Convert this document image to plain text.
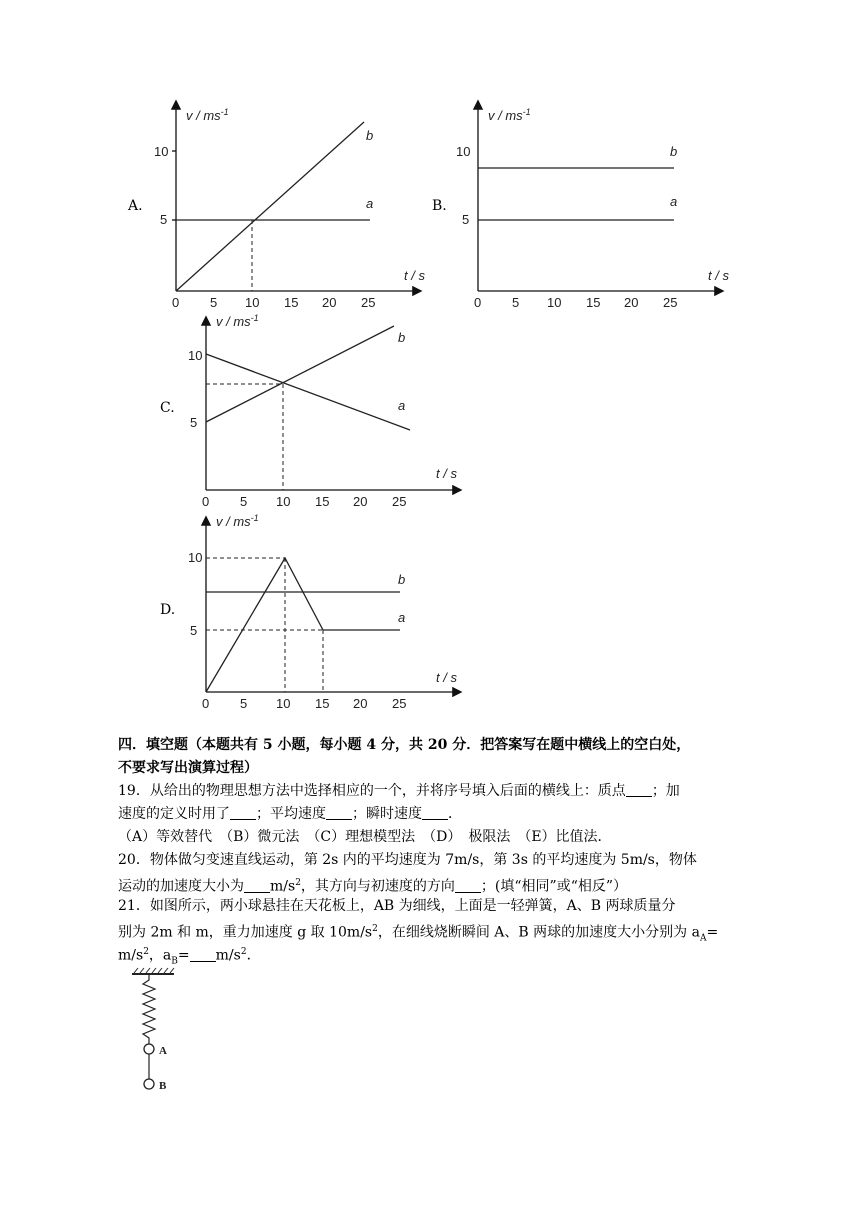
A.	B.
C.
D.
v / $ms^{-1}$
t / s
0 5 10 15 20 25
5
10
a
b
v / $ms^{-1}$
t / s
0 5 10 15 20 25
5
10
a
b
v / $ms^{-1}$
t / s
0 5 10 15 20 25
5
10
a
b
v / $ms^{-1}$
t / s
0 5 10 15 20 25
5
10
a
b
四．填空题（本题共有 5 小题，每小题 4 分，共 20 分．把答案写在题中横线上的空白处，
不要求写出演算过程）
19．从给出的物理思想方法中选择相应的一个，并将序号填入后面的横线上：质点 ；加
速度的定义时用了 ；平均速度 ；瞬时速度 ．
（A）等效替代　（B）微元法　（C）理想模型法　（D）　极限法　（E）比值法．
20．物体做匀变速直线运动，第 2s 内的平均速度为 7m/s，第 3s 的平均速度为 5m/s，物体
运动的加速度大小为 $m/s^2$，其方向与初速度的方向 ；(填“相同”或“相反”）
21．如图所示，两小球悬挂在天花板上，AB 为细线，上面是一轻弹簧，A、B 两球质量分
别为 2m 和 m，重力加速度 g 取 $10m/s^2$，在细线烧断瞬间 A、B 两球的加速度大小分别为 $a_A=$
$m/s^2$，$a_B= m/s^2$．
A
B
